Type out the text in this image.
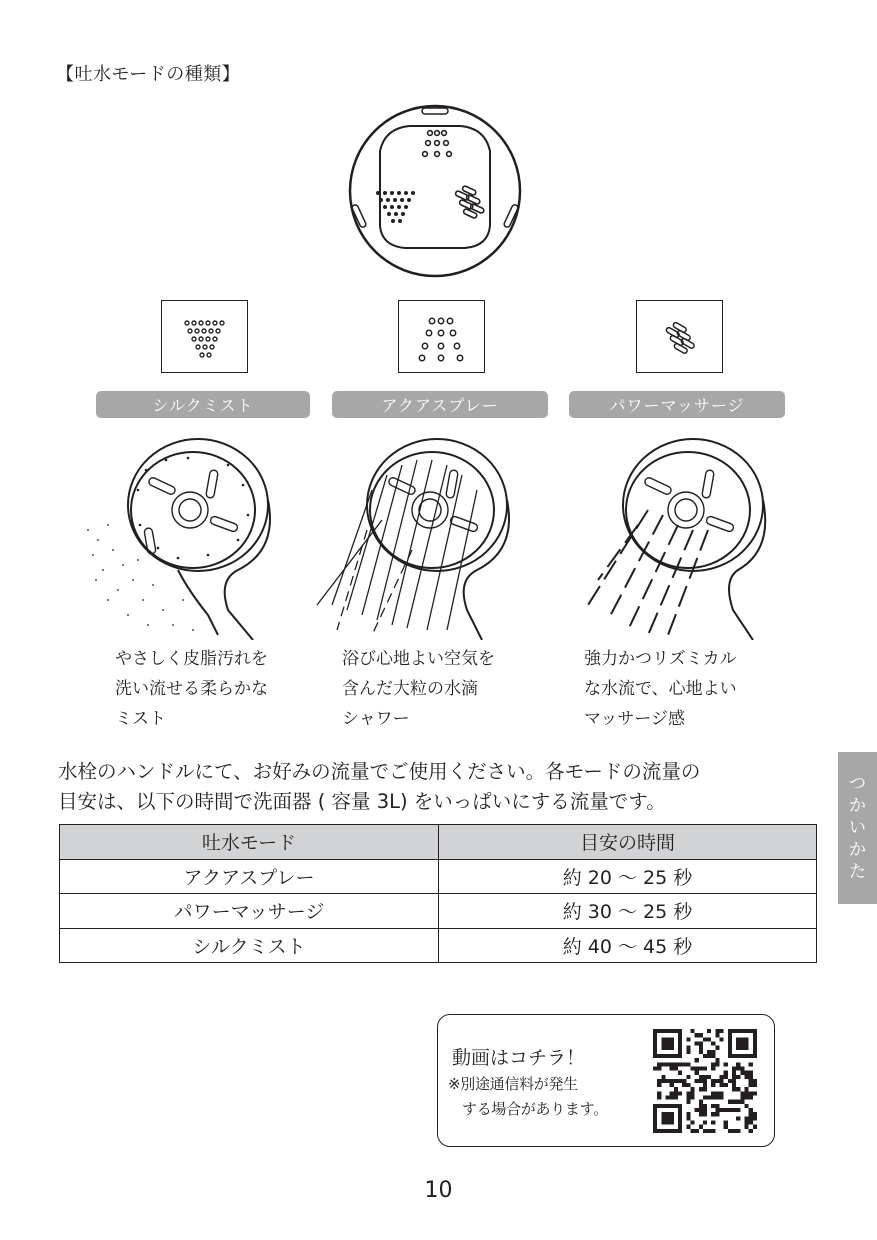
【吐水モードの種類】
シルクミスト	アクアスプレー	パワーマッサージ
やさしく皮脂汚れを
洗い流せる柔らかな
ミスト
浴び心地よい空気を
含んだ大粒の水滴
シャワー
強力かつリズミカル
な水流で、心地よい
マッサージ感
水栓のハンドルにて、お好みの流量でご使用ください。各モードの流量の
目安は、以下の時間で洗面器 ( 容量 3L) をいっぱいにする流量です。
吐水モード	目安の時間
アクアスプレー	約 20 ～ 25 秒
パワーマッサージ	約 30 ～ 25 秒
シルクミスト	約 40 ～ 45 秒
つ
か
い
か
た
動画はコチラ！
※別途通信料が発生
する場合があります。
10
